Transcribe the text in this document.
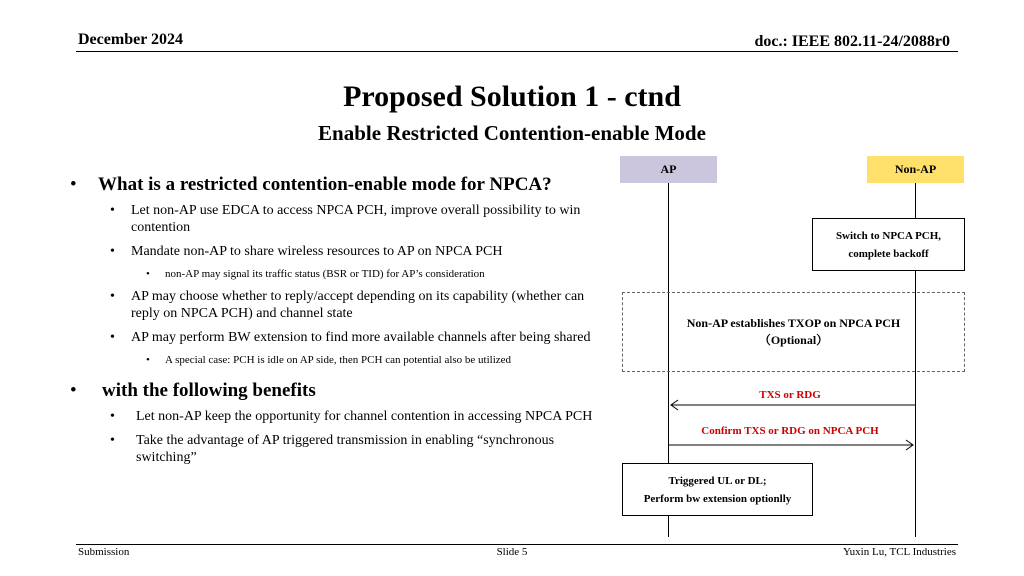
December 2024	doc.: IEEE 802.11-24/2088r0
Proposed Solution 1 - ctnd
Enable Restricted Contention-enable Mode
• What is a restricted contention-enable mode for NPCA?
• Let non-AP use EDCA to access NPCA PCH, improve overall possibility to win contention
• Mandate non-AP to share wireless resources to AP on NPCA PCH
• non-AP may signal its traffic status (BSR or TID) for AP’s consideration
• AP may choose whether to reply/accept depending on its capability (whether can reply on NPCA PCH) and channel state
• AP may perform BW extension to find more available channels after being shared
• A special case: PCH is idle on AP side, then PCH can potential also be utilized
• with the following benefits
• Let non-AP keep the opportunity for channel contention in accessing NPCA PCH
• Take the advantage of AP triggered transmission in enabling “synchronous switching”
AP	Non-AP
Switch to NPCA PCH,
complete backoff
Non-AP establishes TXOP on NPCA PCH
（Optional）
TXS or RDG
Confirm TXS or RDG on NPCA PCH
Triggered UL or DL;
Perform bw extension optionlly
Submission	Slide 5	Yuxin Lu, TCL Industries
